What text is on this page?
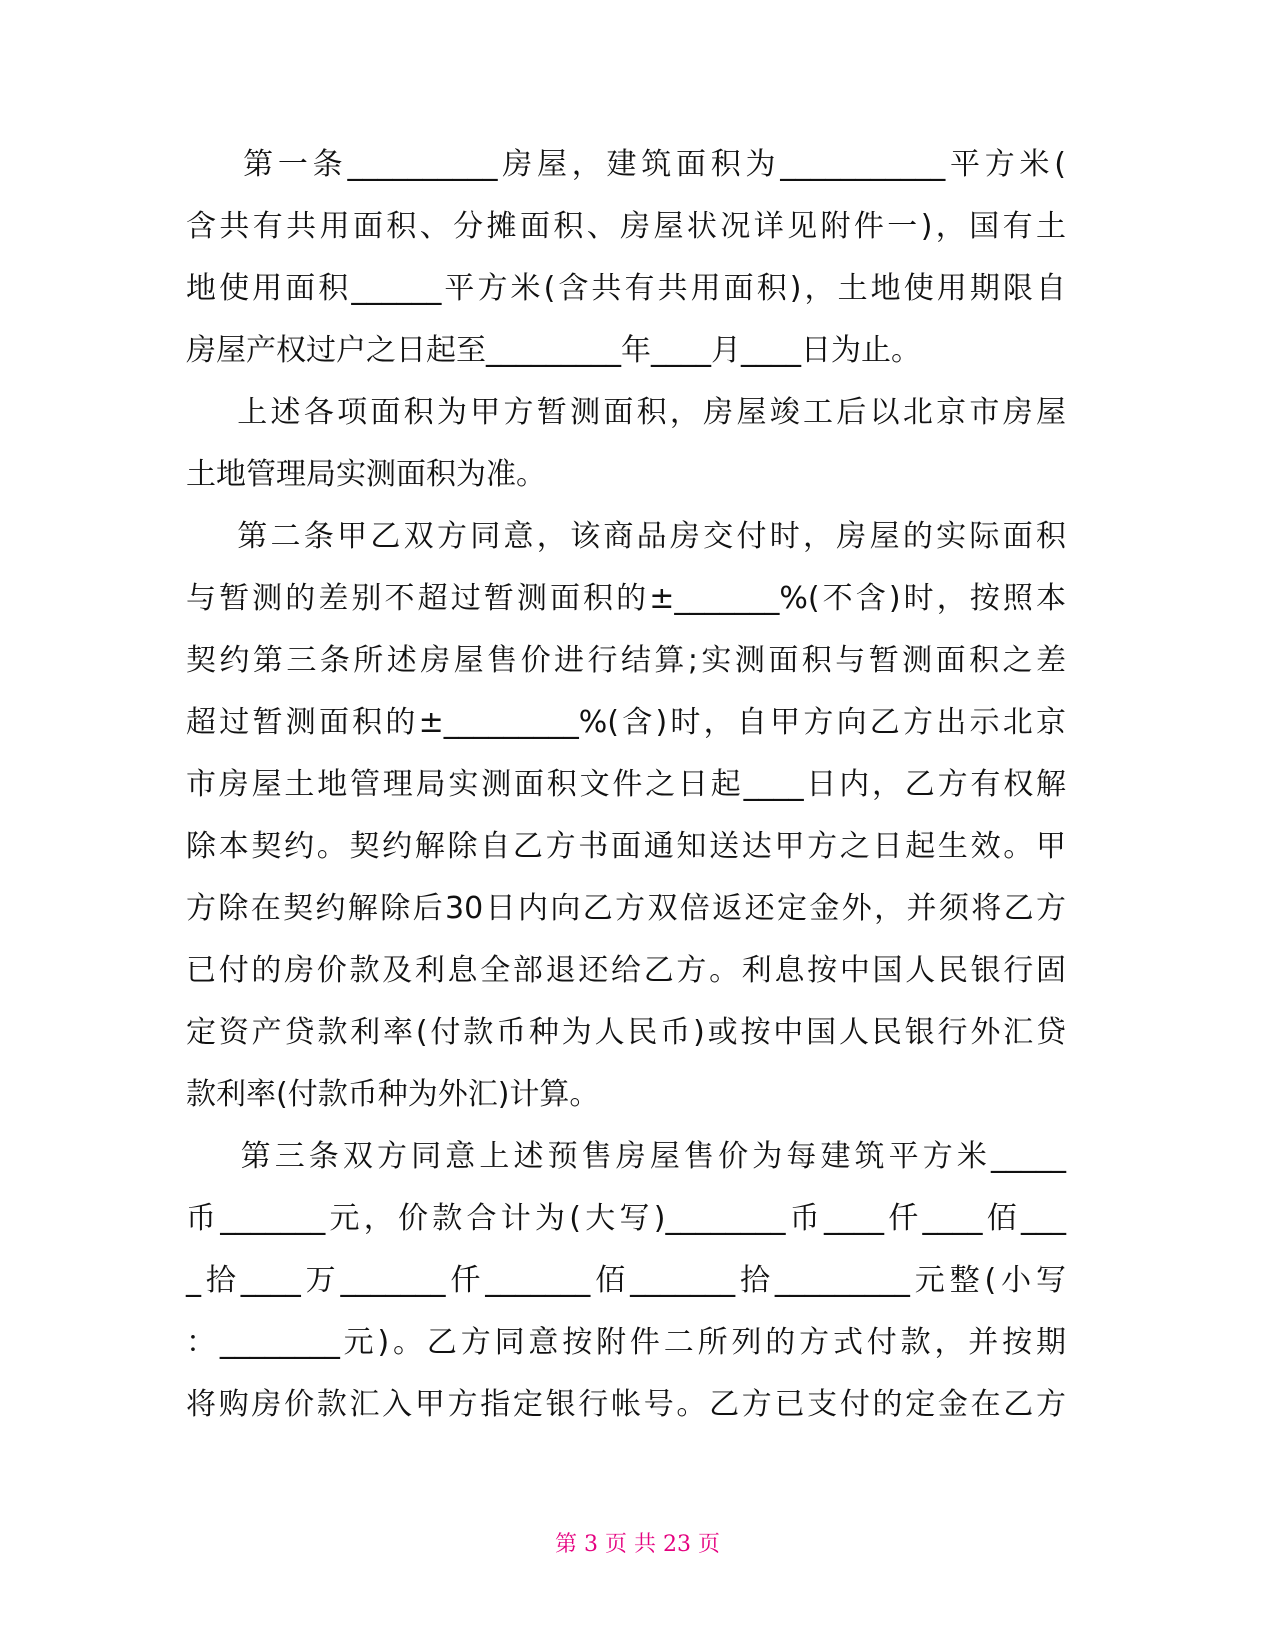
第一条__________房屋，建筑面积为___________平方米(
含共有共用面积、分摊面积、房屋状况详见附件一)，国有土
地使用面积______平方米(含共有共用面积)，土地使用期限自
房屋产权过户之日起至_________年____月____日为止。
上述各项面积为甲方暂测面积，房屋竣工后以北京市房屋
土地管理局实测面积为准。
第二条甲乙双方同意，该商品房交付时，房屋的实际面积
与暂测的差别不超过暂测面积的±_______%(不含)时，按照本
契约第三条所述房屋售价进行结算;实测面积与暂测面积之差
超过暂测面积的±_________%(含)时，自甲方向乙方出示北京
市房屋土地管理局实测面积文件之日起____日内，乙方有权解
除本契约。契约解除自乙方书面通知送达甲方之日起生效。甲
方除在契约解除后30日内向乙方双倍返还定金外，并须将乙方
已付的房价款及利息全部退还给乙方。利息按中国人民银行固
定资产贷款利率(付款币种为人民币)或按中国人民银行外汇贷
款利率(付款币种为外汇)计算。
第三条双方同意上述预售房屋售价为每建筑平方米_____
币_______元，价款合计为(大写)________币____仟____佰___
_拾____万_______仟_______佰_______拾_________元整(小写
：________元)。乙方同意按附件二所列的方式付款，并按期
将购房价款汇入甲方指定银行帐号。乙方已支付的定金在乙方
第 3 页 共 23 页
